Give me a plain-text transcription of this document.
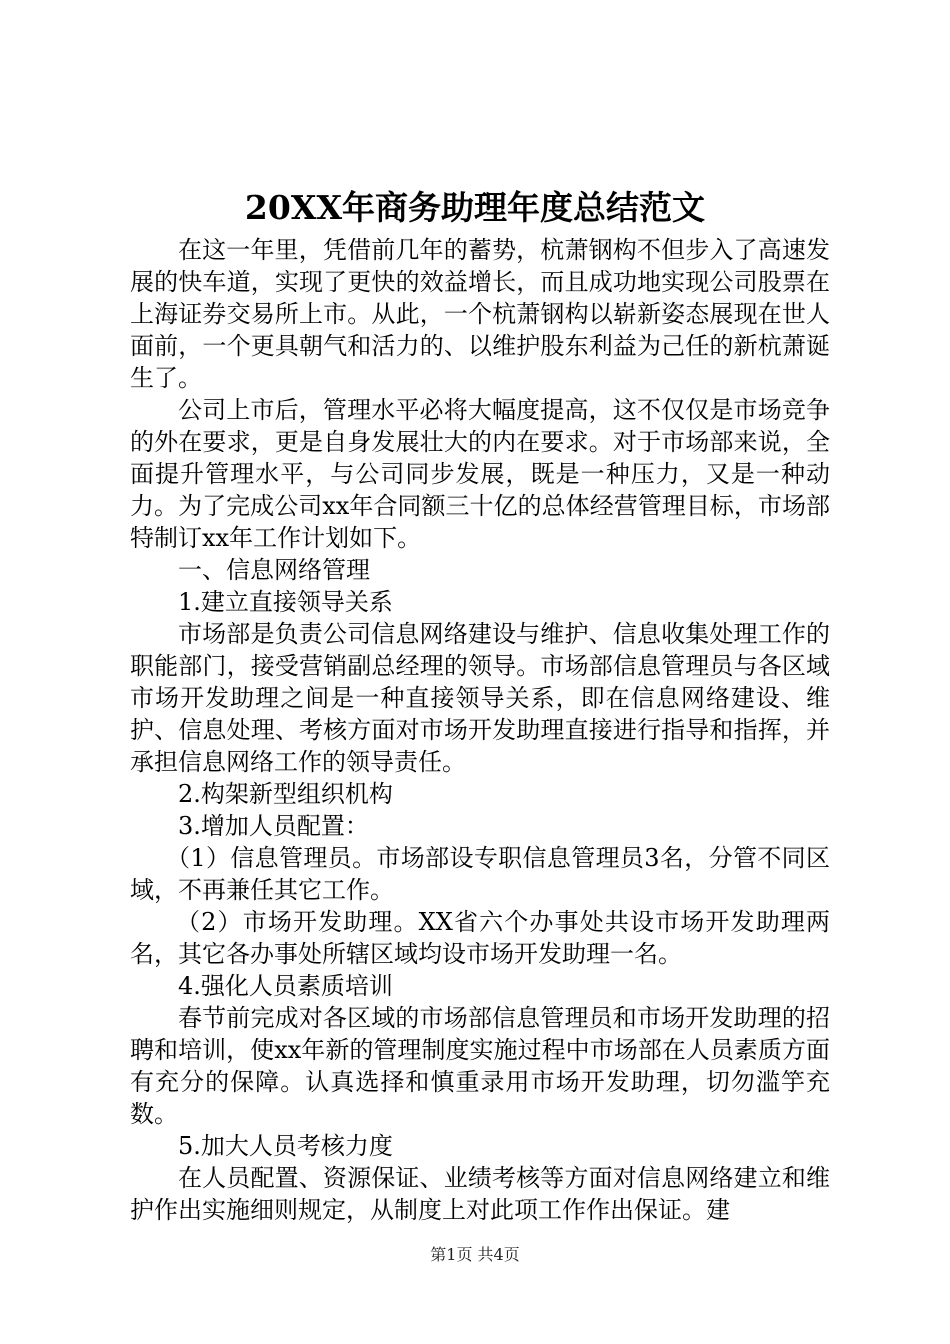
20XX年商务助理年度总结范文

在这一年里，凭借前几年的蓄势，杭萧钢构不但步入了高速发展的快车道，实现了更快的效益增长，而且成功地实现公司股票在上海证券交易所上市。从此，一个杭萧钢构以崭新姿态展现在世人面前，一个更具朝气和活力的、以维护股东利益为己任的新杭萧诞生了。

公司上市后，管理水平必将大幅度提高，这不仅仅是市场竞争的外在要求，更是自身发展壮大的内在要求。对于市场部来说，全面提升管理水平，与公司同步发展，既是一种压力，又是一种动力。为了完成公司xx年合同额三十亿的总体经营管理目标，市场部特制订xx年工作计划如下。

一、信息网络管理

1.建立直接领导关系

市场部是负责公司信息网络建设与维护、信息收集处理工作的职能部门，接受营销副总经理的领导。市场部信息管理员与各区域市场开发助理之间是一种直接领导关系，即在信息网络建设、维护、信息处理、考核方面对市场开发助理直接进行指导和指挥，并承担信息网络工作的领导责任。

2.构架新型组织机构

3.增加人员配置：

（1）信息管理员。市场部设专职信息管理员3名，分管不同区域，不再兼任其它工作。

（2）市场开发助理。XX省六个办事处共设市场开发助理两名，其它各办事处所辖区域均设市场开发助理一名。

4.强化人员素质培训

春节前完成对各区域的市场部信息管理员和市场开发助理的招聘和培训，使xx年新的管理制度实施过程中市场部在人员素质方面有充分的保障。认真选择和慎重录用市场开发助理，切勿滥竽充数。

5.加大人员考核力度

在人员配置、资源保证、业绩考核等方面对信息网络建立和维护作出实施细则规定，从制度上对此项工作作出保证。建

第1页 共4页
